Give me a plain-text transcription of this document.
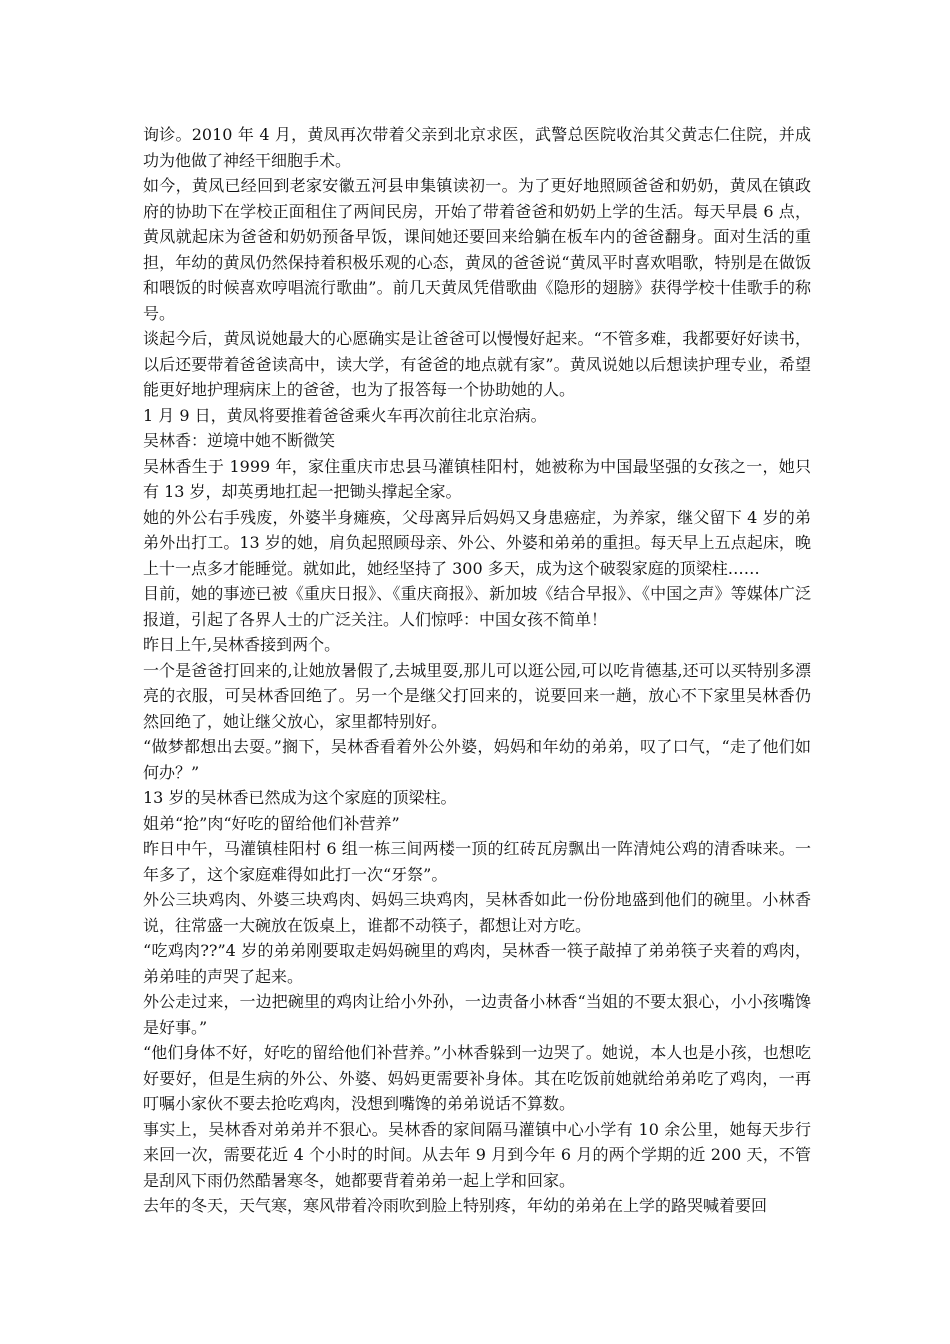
询诊。2010 年 4 月，黄凤再次带着父亲到北京求医，武警总医院收治其父黄志仁住院，并成功为他做了神经干细胞手术。

如今，黄凤已经回到老家安徽五河县申集镇读初一。为了更好地照顾爸爸和奶奶，黄凤在镇政府的协助下在学校正面租住了两间民房，开始了带着爸爸和奶奶上学的生活。每天早晨 6 点，黄凤就起床为爸爸和奶奶预备早饭，课间她还要回来给躺在板车内的爸爸翻身。面对生活的重担，年幼的黄凤仍然保持着积极乐观的心态，黄凤的爸爸说“黄凤平时喜欢唱歌，特别是在做饭和喂饭的时候喜欢哼唱流行歌曲”。前几天黄凤凭借歌曲《隐形的翅膀》获得学校十佳歌手的称号。

谈起今后，黄凤说她最大的心愿确实是让爸爸可以慢慢好起来。“不管多难，我都要好好读书，以后还要带着爸爸读高中，读大学，有爸爸的地点就有家”。黄凤说她以后想读护理专业，希望能更好地护理病床上的爸爸，也为了报答每一个协助她的人。

1 月 9 日，黄凤将要推着爸爸乘火车再次前往北京治病。

吴林香：逆境中她不断微笑

吴林香生于 1999 年，家住重庆市忠县马灌镇桂阳村，她被称为中国最坚强的女孩之一，她只有 13 岁，却英勇地扛起一把锄头撑起全家。

她的外公右手残废，外婆半身瘫痪，父母离异后妈妈又身患癌症，为养家，继父留下 4 岁的弟弟外出打工。13 岁的她，肩负起照顾母亲、外公、外婆和弟弟的重担。每天早上五点起床，晚上十一点多才能睡觉。就如此，她经坚持了 300 多天，成为这个破裂家庭的顶梁柱……

目前，她的事迹已被《重庆日报》、《重庆商报》、新加坡《结合早报》、《中国之声》等媒体广泛报道，引起了各界人士的广泛关注。人们惊呼：中国女孩不简单！

昨日上午,吴林香接到两个。

一个是爸爸打回来的,让她放暑假了,去城里耍,那儿可以逛公园,可以吃肯德基,还可以买特别多漂亮的衣服，可吴林香回绝了。另一个是继父打回来的，说要回来一趟，放心不下家里吴林香仍然回绝了，她让继父放心，家里都特别好。

“做梦都想出去耍。”搁下，吴林香看着外公外婆，妈妈和年幼的弟弟，叹了口气，“走了他们如何办？”

13 岁的吴林香已然成为这个家庭的顶梁柱。

姐弟“抢”肉“好吃的留给他们补营养”

昨日中午，马灌镇桂阳村 6 组一栋三间两楼一顶的红砖瓦房飘出一阵清炖公鸡的清香味来。一年多了，这个家庭难得如此打一次“牙祭”。

外公三块鸡肉、外婆三块鸡肉、妈妈三块鸡肉，吴林香如此一份份地盛到他们的碗里。小林香说，往常盛一大碗放在饭桌上，谁都不动筷子，都想让对方吃。

“吃鸡肉??”4 岁的弟弟刚要取走妈妈碗里的鸡肉，吴林香一筷子敲掉了弟弟筷子夹着的鸡肉，弟弟哇的声哭了起来。

外公走过来，一边把碗里的鸡肉让给小外孙，一边责备小林香“当姐的不要太狠心，小小孩嘴馋是好事。”

“他们身体不好，好吃的留给他们补营养。”小林香躲到一边哭了。她说，本人也是小孩，也想吃好要好，但是生病的外公、外婆、妈妈更需要补身体。其在吃饭前她就给弟弟吃了鸡肉，一再叮嘱小家伙不要去抢吃鸡肉，没想到嘴馋的弟弟说话不算数。

事实上，吴林香对弟弟并不狠心。吴林香的家间隔马灌镇中心小学有 10 余公里，她每天步行来回一次，需要花近 4 个小时的时间。从去年 9 月到今年 6 月的两个学期的近 200 天，不管是刮风下雨仍然酷暑寒冬，她都要背着弟弟一起上学和回家。

去年的冬天，天气寒，寒风带着冷雨吹到脸上特别疼，年幼的弟弟在上学的路哭喊着要回
